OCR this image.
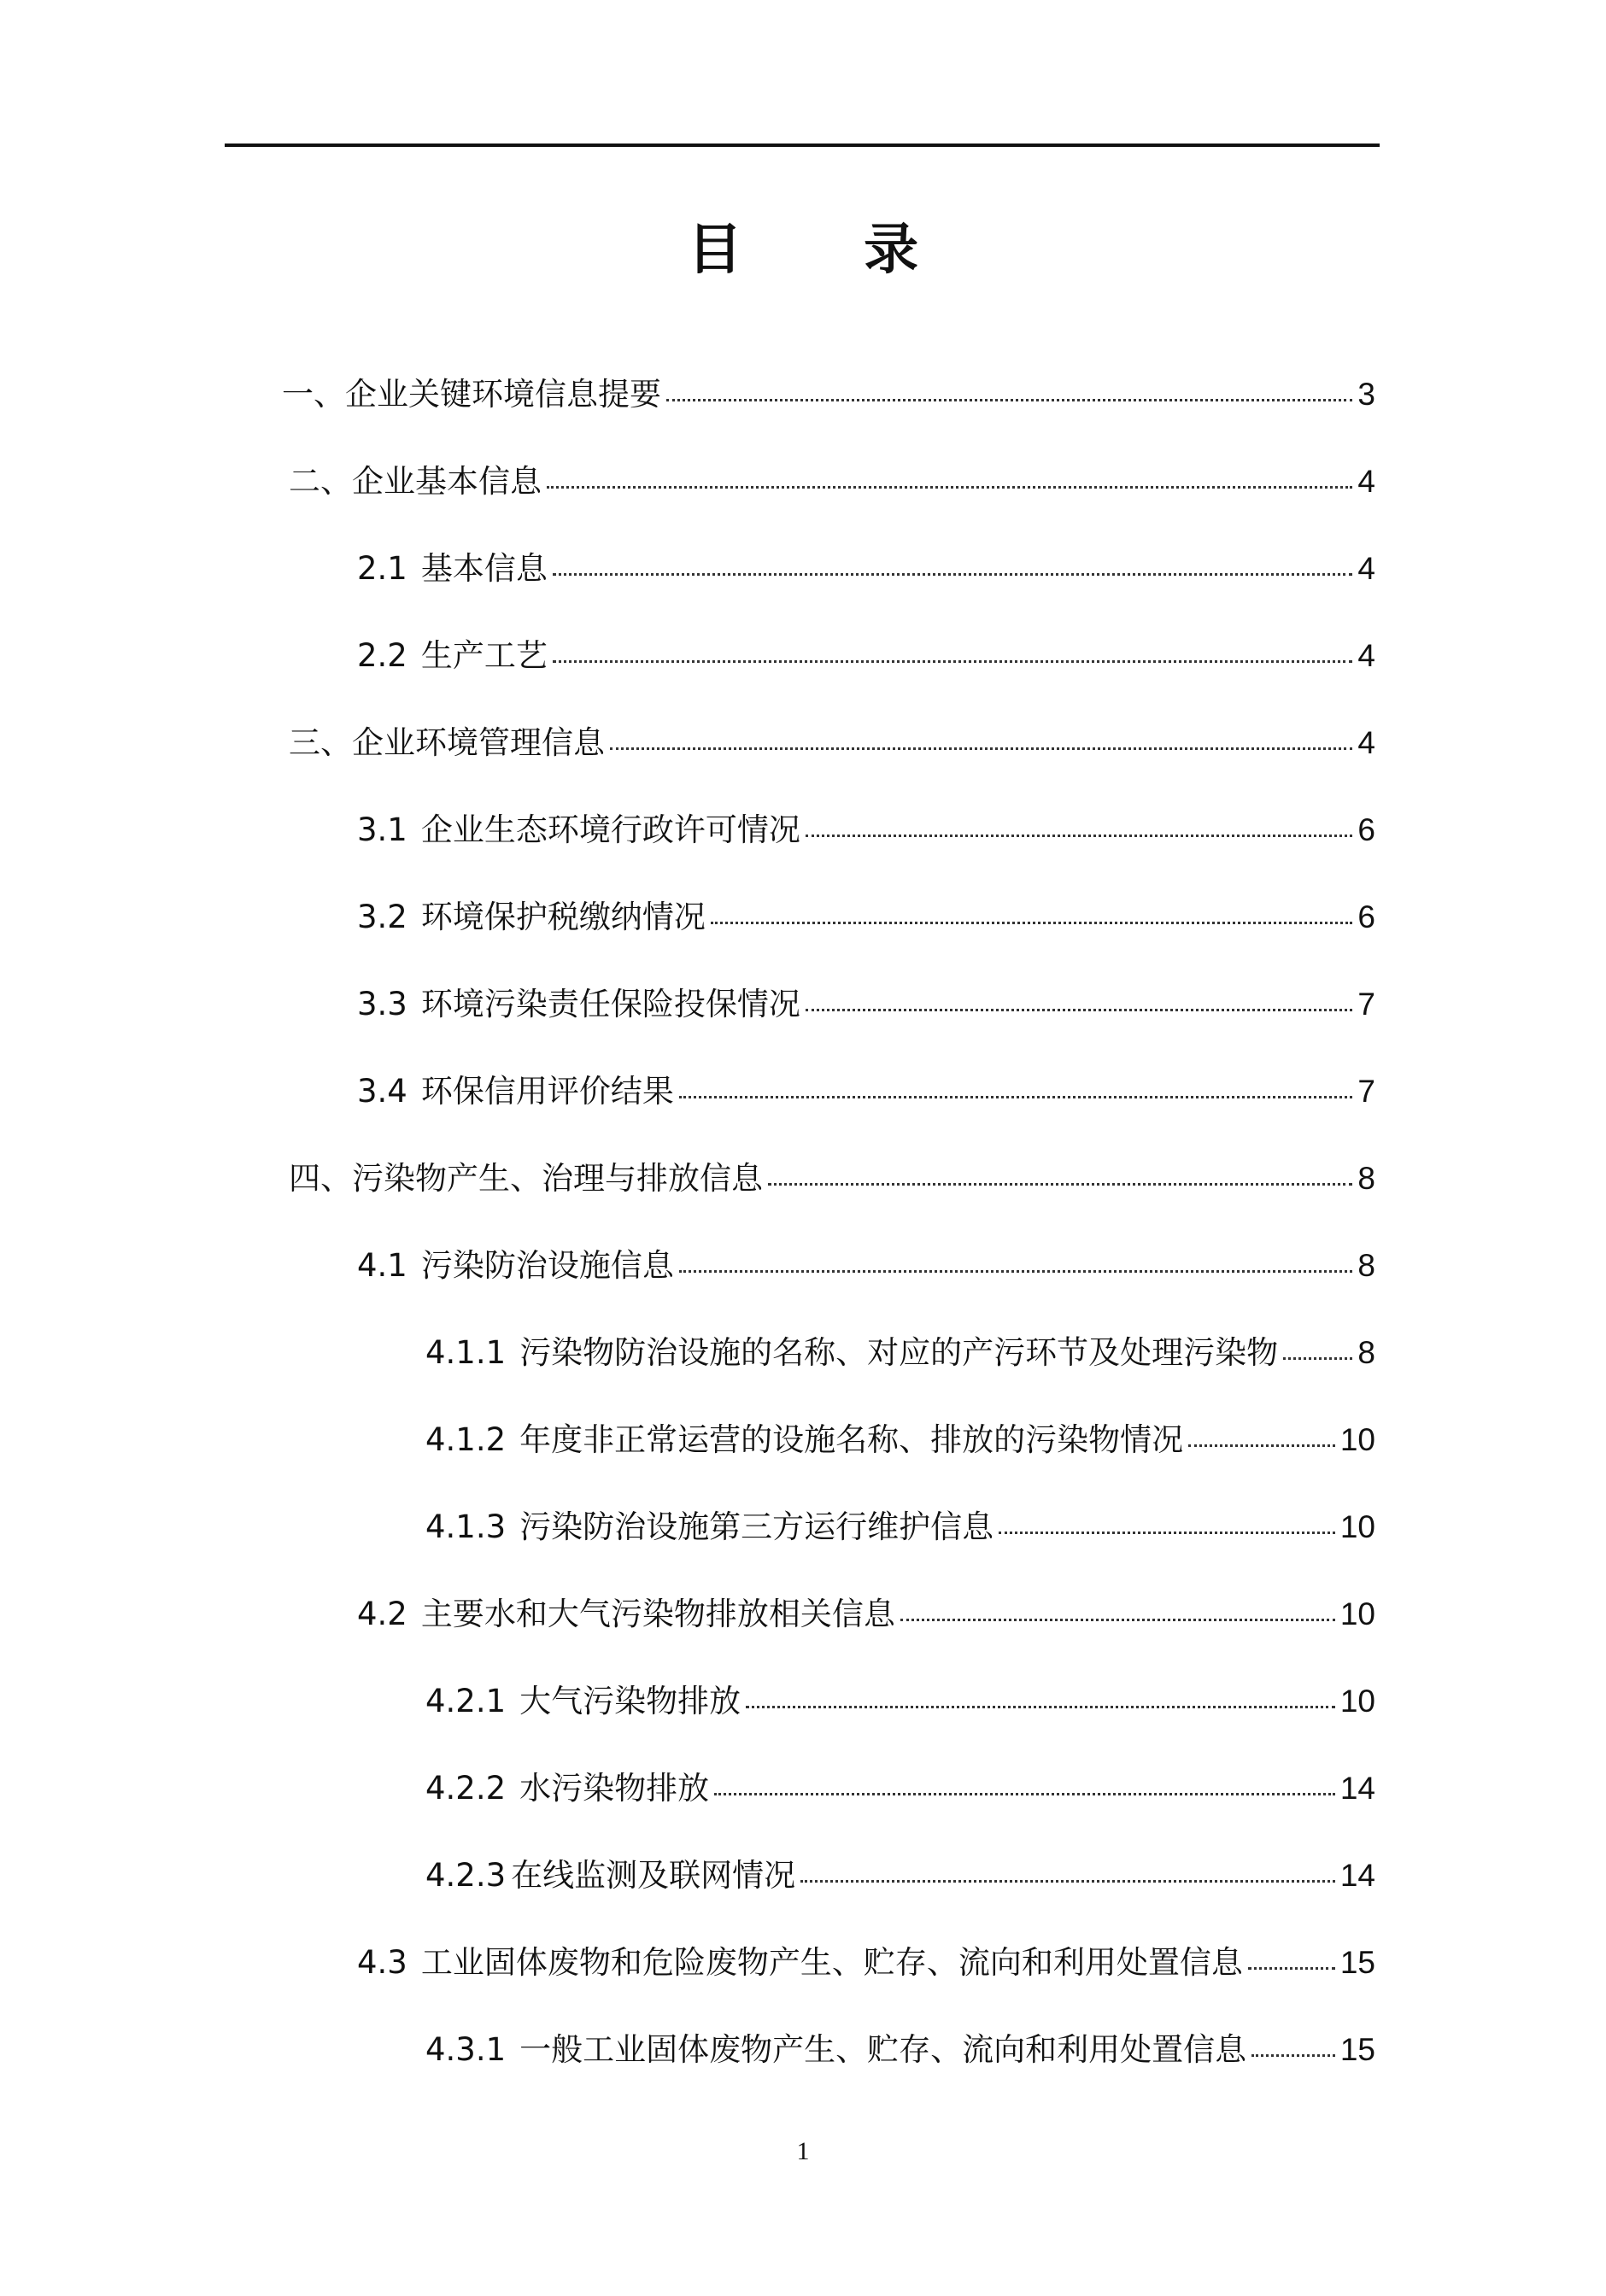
目 录
一、企业关键环境信息提要	3
二、企业基本信息	4
2.1 基本信息	4
2.2 生产工艺	4
三、企业环境管理信息	4
3.1 企业生态环境行政许可情况	6
3.2 环境保护税缴纳情况	6
3.3 环境污染责任保险投保情况	7
3.4 环保信用评价结果	7
四、污染物产生、治理与排放信息	8
4.1 污染防治设施信息	8
4.1.1 污染物防治设施的名称、对应的产污环节及处理污染物	8
4.1.2 年度非正常运营的设施名称、排放的污染物情况	10
4.1.3 污染防治设施第三方运行维护信息	10
4.2 主要水和大气污染物排放相关信息	10
4.2.1 大气污染物排放	10
4.2.2 水污染物排放	14
4.2.3 在线监测及联网情况	14
4.3 工业固体废物和危险废物产生、贮存、流向和利用处置信息	15
4.3.1 一般工业固体废物产生、贮存、流向和利用处置信息	15
1
